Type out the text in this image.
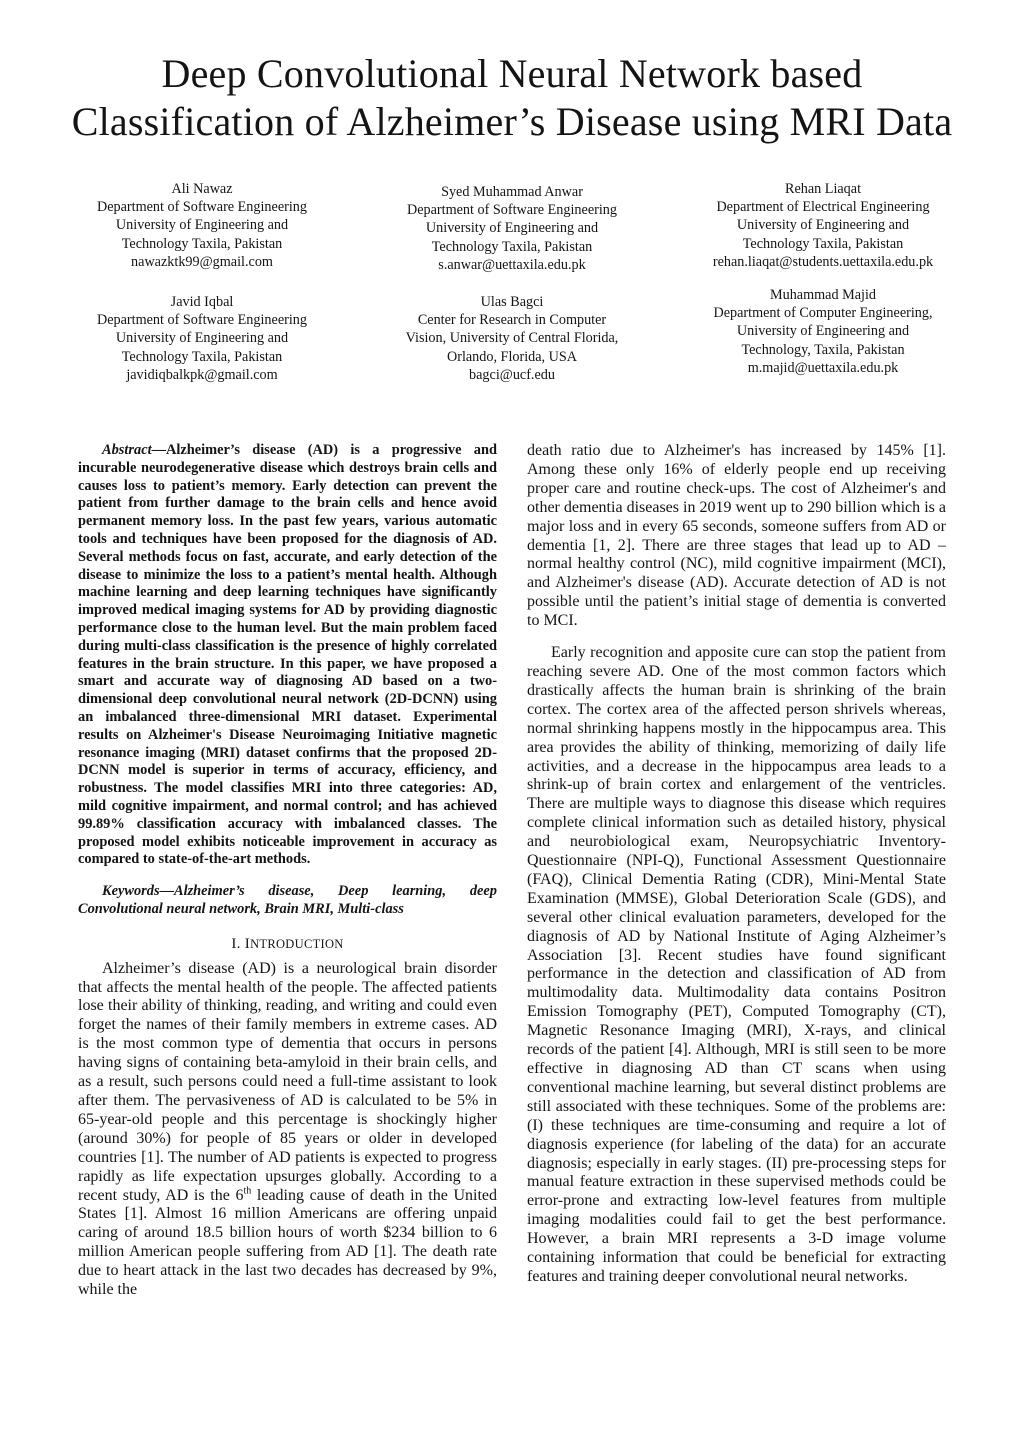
Deep Convolutional Neural Network based
Classification of Alzheimer’s Disease using MRI Data
Ali Nawaz
Department of Software Engineering
University of Engineering and
Technology Taxila, Pakistan
nawazktk99@gmail.com
Syed Muhammad Anwar
Department of Software Engineering
University of Engineering and
Technology Taxila, Pakistan
s.anwar@uettaxila.edu.pk
Rehan Liaqat
Department of Electrical Engineering
University of Engineering and
Technology Taxila, Pakistan
rehan.liaqat@students.uettaxila.edu.pk
Javid Iqbal
Department of Software Engineering
University of Engineering and
Technology Taxila, Pakistan
javidiqbalkpk@gmail.com
Ulas Bagci
Center for Research in Computer
Vision, University of Central Florida,
Orlando, Florida, USA
bagci@ucf.edu
Muhammad Majid
Department of Computer Engineering,
University of Engineering and
Technology, Taxila, Pakistan
m.majid@uettaxila.edu.pk

Abstract—Alzheimer’s disease (AD) is a progressive and incurable neurodegenerative disease which destroys brain cells and causes loss to patient’s memory. Early detection can prevent the patient from further damage to the brain cells and hence avoid permanent memory loss. In the past few years, various automatic tools and techniques have been proposed for the diagnosis of AD. Several methods focus on fast, accurate, and early detection of the disease to minimize the loss to a patient’s mental health. Although machine learning and deep learning techniques have significantly improved medical imaging systems for AD by providing diagnostic performance close to the human level. But the main problem faced during multi-class classification is the presence of highly correlated features in the brain structure. In this paper, we have proposed a smart and accurate way of diagnosing AD based on a two-dimensional deep convolutional neural network (2D-DCNN) using an imbalanced three-dimensional MRI dataset. Experimental results on Alzheimer's Disease Neuroimaging Initiative magnetic resonance imaging (MRI) dataset confirms that the proposed 2D-DCNN model is superior in terms of accuracy, efficiency, and robustness. The model classifies MRI into three categories: AD, mild cognitive impairment, and normal control; and has achieved 99.89% classification accuracy with imbalanced classes. The proposed model exhibits noticeable improvement in accuracy as compared to state-of-the-art methods.

Keywords—Alzheimer’s disease, Deep learning, deep Convolutional neural network, Brain MRI, Multi-class

I. INTRODUCTION

Alzheimer’s disease (AD) is a neurological brain disorder that affects the mental health of the people. The affected patients lose their ability of thinking, reading, and writing and could even forget the names of their family members in extreme cases. AD is the most common type of dementia that occurs in persons having signs of containing beta-amyloid in their brain cells, and as a result, such persons could need a full-time assistant to look after them. The pervasiveness of AD is calculated to be 5% in 65-year-old people and this percentage is shockingly higher (around 30%) for people of 85 years or older in developed countries [1]. The number of AD patients is expected to progress rapidly as life expectation upsurges globally. According to a recent study, AD is the 6th leading cause of death in the United States [1]. Almost 16 million Americans are offering unpaid caring of around 18.5 billion hours of worth $234 billion to 6 million American people suffering from AD [1]. The death rate due to heart attack in the last two decades has decreased by 9%, while the

death ratio due to Alzheimer's has increased by 145% [1]. Among these only 16% of elderly people end up receiving proper care and routine check-ups. The cost of Alzheimer's and other dementia diseases in 2019 went up to 290 billion which is a major loss and in every 65 seconds, someone suffers from AD or dementia [1, 2]. There are three stages that lead up to AD –normal healthy control (NC), mild cognitive impairment (MCI), and Alzheimer's disease (AD). Accurate detection of AD is not possible until the patient’s initial stage of dementia is converted to MCI.

Early recognition and apposite cure can stop the patient from reaching severe AD. One of the most common factors which drastically affects the human brain is shrinking of the brain cortex. The cortex area of the affected person shrivels whereas, normal shrinking happens mostly in the hippocampus area. This area provides the ability of thinking, memorizing of daily life activities, and a decrease in the hippocampus area leads to a shrink-up of brain cortex and enlargement of the ventricles. There are multiple ways to diagnose this disease which requires complete clinical information such as detailed history, physical and neurobiological exam, Neuropsychiatric Inventory-Questionnaire (NPI-Q), Functional Assessment Questionnaire (FAQ), Clinical Dementia Rating (CDR), Mini-Mental State Examination (MMSE), Global Deterioration Scale (GDS), and several other clinical evaluation parameters, developed for the diagnosis of AD by National Institute of Aging Alzheimer’s Association [3]. Recent studies have found significant performance in the detection and classification of AD from multimodality data. Multimodality data contains Positron Emission Tomography (PET), Computed Tomography (CT), Magnetic Resonance Imaging (MRI), X-rays, and clinical records of the patient [4]. Although, MRI is still seen to be more effective in diagnosing AD than CT scans when using conventional machine learning, but several distinct problems are still associated with these techniques. Some of the problems are: (I) these techniques are time-consuming and require a lot of diagnosis experience (for labeling of the data) for an accurate diagnosis; especially in early stages. (II) pre-processing steps for manual feature extraction in these supervised methods could be error-prone and extracting low-level features from multiple imaging modalities could fail to get the best performance. However, a brain MRI represents a 3-D image volume containing information that could be beneficial for extracting features and training deeper convolutional neural networks.
